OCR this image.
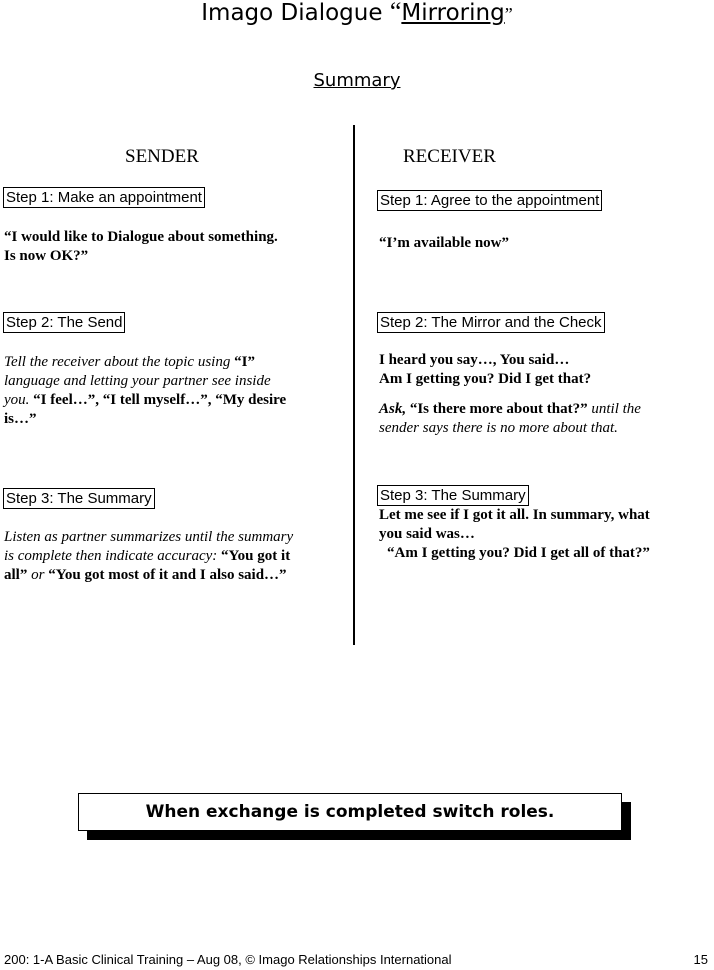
Imago Dialogue “Mirroring”
Summary
SENDER
Step 1: Make an appointment
“I would like to Dialogue about something.
Is now OK?”
Step 2: The Send
Tell the receiver about the topic using “I”
language and letting your partner see inside
you. “I feel…”, “I tell myself…”, “My desire
is…”
Step 3: The Summary
Listen as partner summarizes until the summary
is complete then indicate accuracy: “You got it
all” or “You got most of it and I also said…”
RECEIVER
Step 1: Agree to the appointment
“I’m available now”
Step 2: The Mirror and the Check
I heard you say…, You said…
Am I getting you? Did I get that?
Ask, “Is there more about that?” until the
sender says there is no more about that.
Step 3: The Summary
Let me see if I got it all. In summary, what
you said was…
“Am I getting you? Did I get all of that?”
When exchange is completed switch roles.
200: 1-A Basic Clinical Training – Aug 08, © Imago Relationships International	15
